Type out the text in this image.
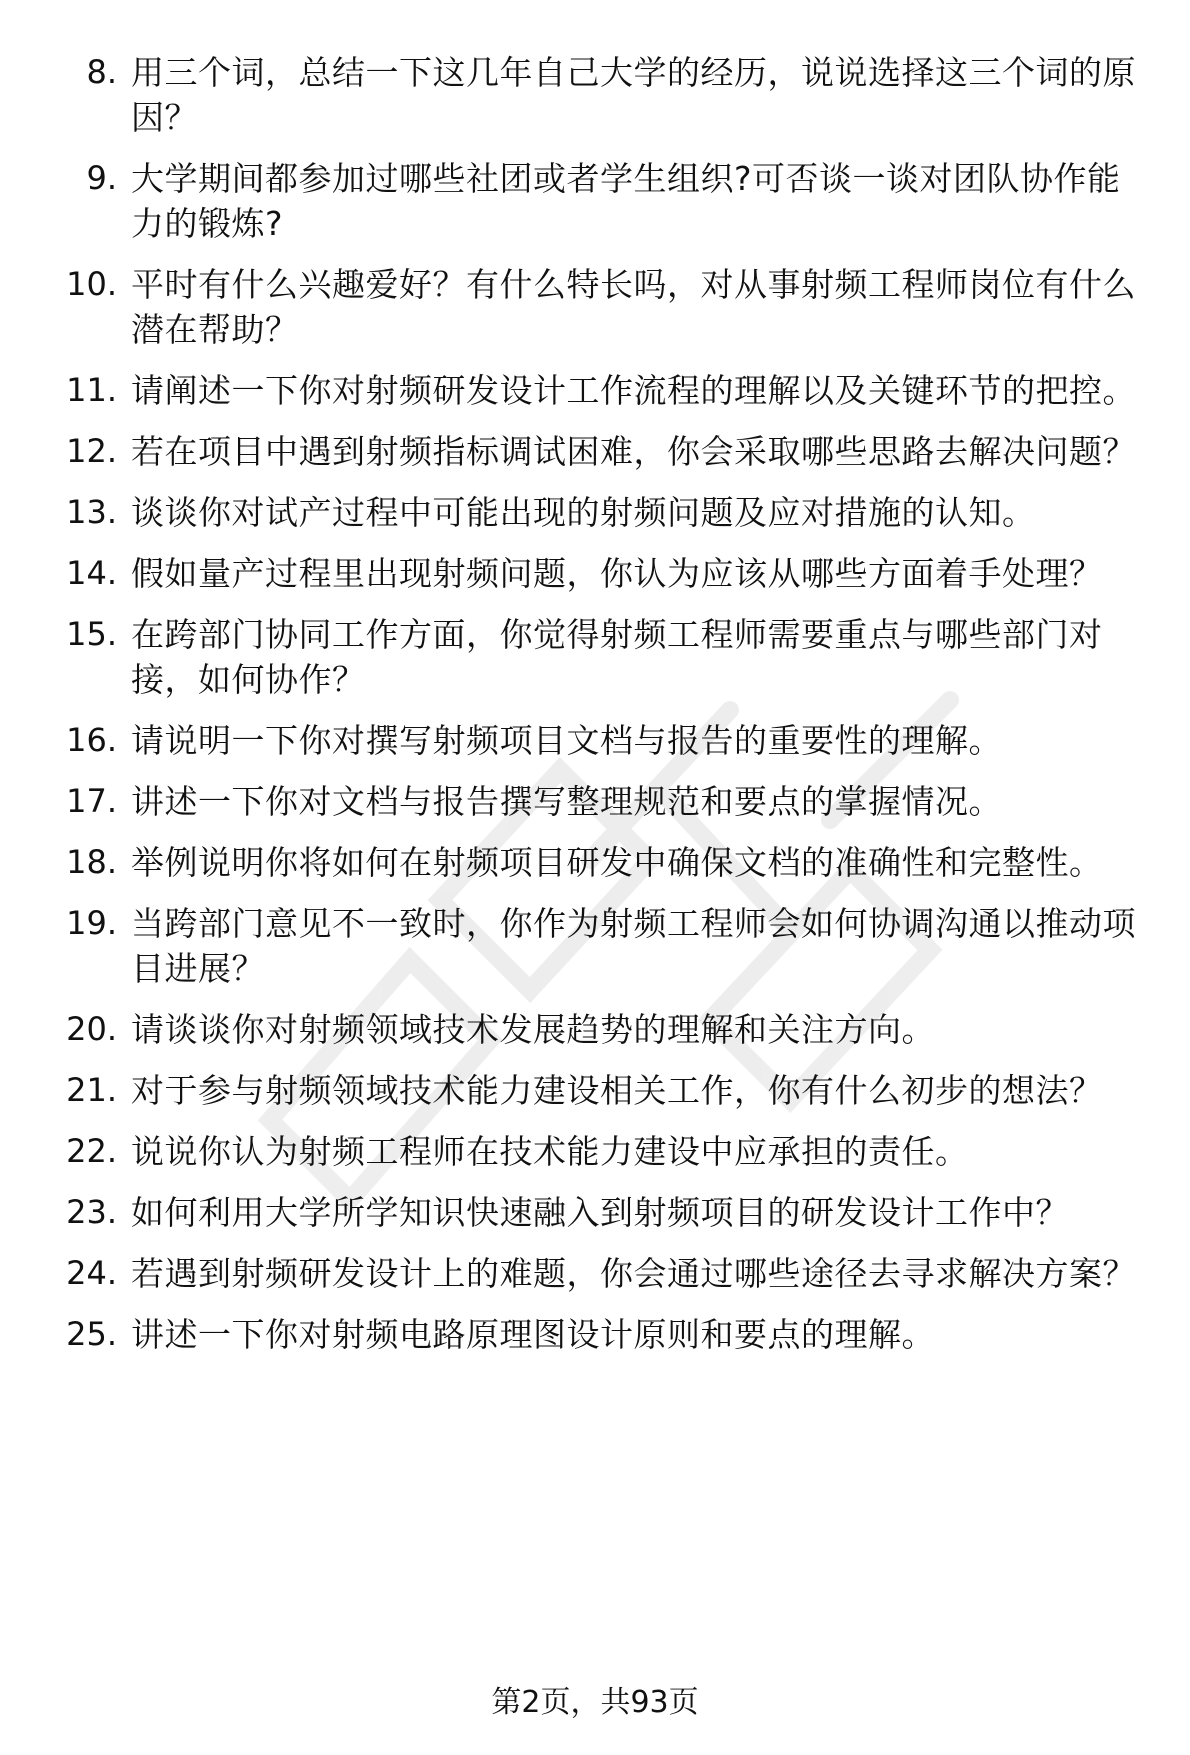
8. 用三个词，总结一下这几年自己大学的经历，说说选择这三个词的原因？
9. 大学期间都参加过哪些社团或者学生组织?可否谈一谈对团队协作能力的锻炼?
10. 平时有什么兴趣爱好？有什么特长吗，对从事射频工程师岗位有什么潜在帮助？
11. 请阐述一下你对射频研发设计工作流程的理解以及关键环节的把控。
12. 若在项目中遇到射频指标调试困难，你会采取哪些思路去解决问题？
13. 谈谈你对试产过程中可能出现的射频问题及应对措施的认知。
14. 假如量产过程里出现射频问题，你认为应该从哪些方面着手处理？
15. 在跨部门协同工作方面，你觉得射频工程师需要重点与哪些部门对接，如何协作？
16. 请说明一下你对撰写射频项目文档与报告的重要性的理解。
17. 讲述一下你对文档与报告撰写整理规范和要点的掌握情况。
18. 举例说明你将如何在射频项目研发中确保文档的准确性和完整性。
19. 当跨部门意见不一致时，你作为射频工程师会如何协调沟通以推动项目进展？
20. 请谈谈你对射频领域技术发展趋势的理解和关注方向。
21. 对于参与射频领域技术能力建设相关工作，你有什么初步的想法？
22. 说说你认为射频工程师在技术能力建设中应承担的责任。
23. 如何利用大学所学知识快速融入到射频项目的研发设计工作中？
24. 若遇到射频研发设计上的难题，你会通过哪些途径去寻求解决方案？
25. 讲述一下你对射频电路原理图设计原则和要点的理解。
第2页，共93页
